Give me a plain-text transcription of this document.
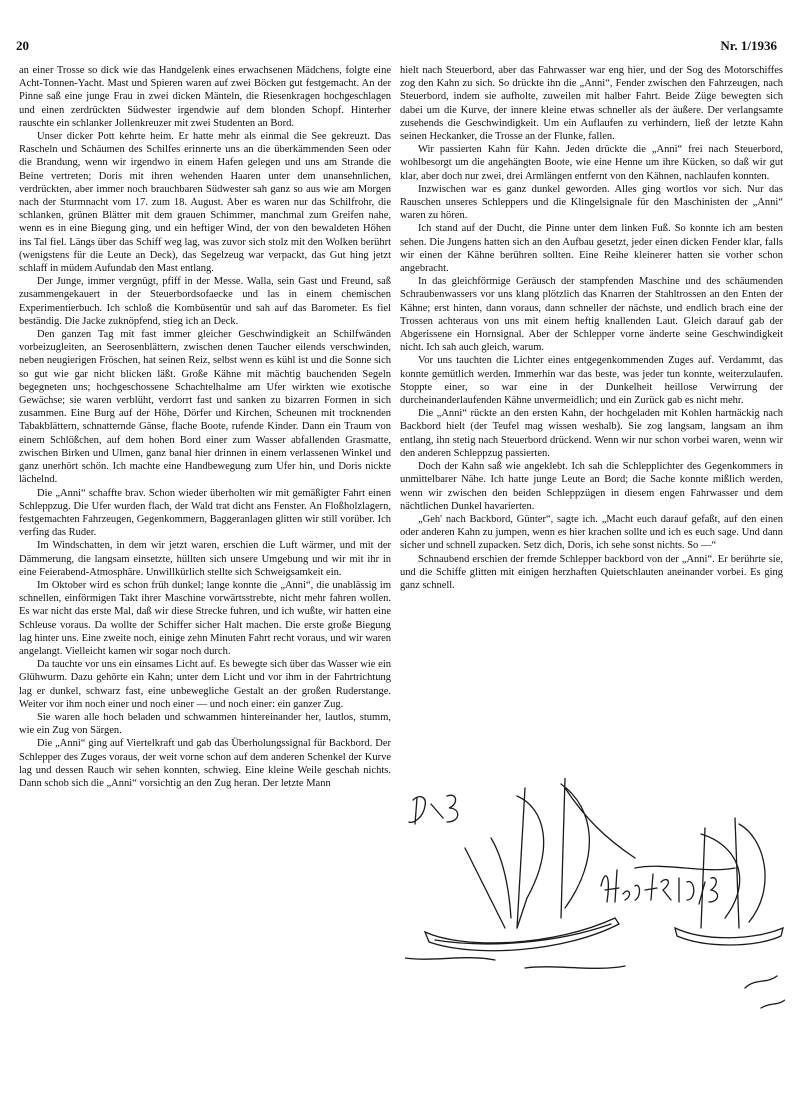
20	Nr. 1/1936

an einer Trosse so dick wie das Handgelenk eines erwachsenen Mädchens, folgte eine Acht-Tonnen-Yacht. Mast und Spieren waren auf zwei Böcken gut festgemacht. An der Pinne saß eine junge Frau in zwei dicken Mänteln, die Riesenkragen hochgeschlagen und einen zerdrückten Südwester irgendwie auf dem blonden Schopf. Hinterher rauschte ein schlanker Jollenkreuzer mit zwei Studenten an Bord.

Unser dicker Pott kehrte heim. Er hatte mehr als einmal die See gekreuzt. Das Rascheln und Schäumen des Schilfes erinnerte uns an die überkämmenden Seen oder die Brandung, wenn wir irgendwo in einem Hafen gelegen und uns am Strande die Beine vertreten; Doris mit ihren wehenden Haaren unter dem unansehnlichen, verdrückten, aber immer noch brauchbaren Südwester sah ganz so aus wie am Morgen nach der Sturmnacht vom 17. zum 18. August. Aber es waren nur das Schilfrohr, die schlanken, grünen Blätter mit dem grauen Schimmer, manchmal zum Greifen nahe, wenn es in eine Biegung ging, und ein heftiger Wind, der von den bewaldeten Höhen ins Tal fiel. Längs über das Schiff weg lag, was zuvor sich stolz mit den Wolken berührt (wenigstens für die Leute an Deck), das Segelzeug war verpackt, das Gut hing jetzt schlaff in müdem Aufundab den Mast entlang.

Der Junge, immer vergnügt, pfiff in der Messe. Walla, sein Gast und Freund, saß zusammengekauert in der Steuerbordsofaecke und las in einem chemischen Experimentierbuch. Ich schloß die Kombüsentür und sah auf das Barometer. Es fiel beständig. Die Jacke zuknöpfend, stieg ich an Deck.

Den ganzen Tag mit fast immer gleicher Geschwindigkeit an Schilfwänden vorbeizugleiten, an Seerosenblättern, zwischen denen Taucher eilends verschwinden, neben neugierigen Fröschen, hat seinen Reiz, selbst wenn es kühl ist und die Sonne sich so gut wie gar nicht blicken läßt. Große Kähne mit mächtig bauchenden Segeln begegneten uns; hochgeschossene Schachtelhalme am Ufer wirkten wie exotische Gewächse; sie waren verblüht, verdorrt fast und sanken zu bizarren Formen in sich zusammen. Eine Burg auf der Höhe, Dörfer und Kirchen, Scheunen mit trocknenden Tabakblättern, schnatternde Gänse, flache Boote, rufende Kinder. Dann ein Traum von einem Schlößchen, auf dem hohen Bord einer zum Wasser abfallenden Grasmatte, zwischen Birken und Ulmen, ganz banal hier drinnen in einem verlassenen Winkel und ganz unerhört schön. Ich machte eine Handbewegung zum Ufer hin, und Doris nickte lächelnd.

Die „Anni“ schaffte brav. Schon wieder überholten wir mit gemäßigter Fahrt einen Schleppzug. Die Ufer wurden flach, der Wald trat dicht ans Fenster. An Floßholzlagern, festgemachten Fahrzeugen, Gegenkommern, Baggeranlagen glitten wir still vorüber. Ich verfing das Ruder.

Im Windschatten, in dem wir jetzt waren, erschien die Luft wärmer, und mit der Dämmerung, die langsam einsetzte, hüllten sich unsere Umgebung und wir mit ihr in eine Feierabend-Atmosphäre. Unwillkürlich stellte sich Schweigsamkeit ein.

Im Oktober wird es schon früh dunkel; lange konnte die „Anni“, die unablässig im schnellen, einförmigen Takt ihrer Maschine vorwärtsstrebte, nicht mehr fahren wollen. Es war nicht das erste Mal, daß wir diese Strecke fuhren, und ich wußte, wir hatten eine Schleuse voraus. Da wollte der Schiffer sicher Halt machen. Die erste große Biegung lag hinter uns. Eine zweite noch, einige zehn Minuten Fahrt recht voraus, und wir waren angelangt. Vielleicht kamen wir sogar noch durch.

Da tauchte vor uns ein einsames Licht auf. Es bewegte sich über das Wasser wie ein Glühwurm. Dazu gehörte ein Kahn; unter dem Licht und vor ihm in der Fahrtrichtung lag er dunkel, schwarz fast, eine unbewegliche Gestalt an der großen Ruderstange. Weiter vor ihm noch einer und noch einer — und noch einer: ein ganzer Zug.

Sie waren alle hoch beladen und schwammen hintereinander her, lautlos, stumm, wie ein Zug von Särgen.

Die „Anni“ ging auf Viertelkraft und gab das Überholungssignal für Backbord. Der Schlepper des Zuges voraus, der weit vorne schon auf dem anderen Schenkel der Kurve lag und dessen Rauch wir sehen konnten, schwieg. Eine kleine Weile geschah nichts. Dann schob sich die „Anni“ vorsichtig an den Zug heran. Der letzte Mann

hielt nach Steuerbord, aber das Fahrwasser war eng hier, und der Sog des Motorschiffes zog den Kahn zu sich. So drückte ihn die „Anni“, Fender zwischen den Fahrzeugen, nach Steuerbord, indem sie aufholte, zuweilen mit halber Fahrt. Beide Züge bewegten sich dabei um die Kurve, der innere kleine etwas schneller als der äußere. Der verlangsamte zusehends die Geschwindigkeit. Um ein Auflaufen zu verhindern, ließ der letzte Kahn seinen Heckanker, die Trosse an der Flunke, fallen.

Wir passierten Kahn für Kahn. Jeden drückte die „Anni“ frei nach Steuerbord, wohlbesorgt um die angehängten Boote, wie eine Henne um ihre Kücken, so daß wir gut klar, aber doch nur zwei, drei Armlängen entfernt von den Kähnen, nachlaufen konnten.

Inzwischen war es ganz dunkel geworden. Alles ging wortlos vor sich. Nur das Rauschen unseres Schleppers und die Klingelsignale für den Maschinisten der „Anni“ waren zu hören.

Ich stand auf der Ducht, die Pinne unter dem linken Fuß. So konnte ich am besten sehen. Die Jungens hatten sich an den Aufbau gesetzt, jeder einen dicken Fender klar, falls wir einen der Kähne berühren sollten. Eine Reihe kleinerer hatten sie vorher schon angebracht.

In das gleichförmige Geräusch der stampfenden Maschine und des schäumenden Schraubenwassers vor uns klang plötzlich das Knarren der Stahltrossen an den Enten der Kähne; erst hinten, dann voraus, dann schneller der nächste, und endlich brach eine der Trossen achteraus von uns mit einem heftig knallenden Laut. Gleich darauf gab der Abgerissene ein Hornsignal. Aber der Schlepper vorne änderte seine Geschwindigkeit nicht. Ich sah auch gleich, warum.

Vor uns tauchten die Lichter eines entgegenkommenden Zuges auf. Verdammt, das konnte gemütlich werden. Immerhin war das beste, was jeder tun konnte, weiterzulaufen. Stoppte einer, so war eine in der Dunkelheit heillose Verwirrung der durcheinanderlaufenden Kähne unvermeidlich; und ein Zurück gab es nicht mehr.

Die „Anni“ rückte an den ersten Kahn, der hochgeladen mit Kohlen hartnäckig nach Backbord hielt (der Teufel mag wissen weshalb). Sie zog langsam, langsam an ihm entlang, ihn stetig nach Steuerbord drückend. Wenn wir nur schon vorbei waren, wenn wir den anderen Schleppzug passierten.

Doch der Kahn saß wie angeklebt. Ich sah die Schlepplichter des Gegenkommers in unmittelbarer Nähe. Ich hatte junge Leute an Bord; die Sache konnte mißlich werden, wenn wir zwischen den beiden Schleppzügen in diesem engen Fahrwasser und dem nächtlichen Dunkel havarierten.

„Geh' nach Backbord, Günter“, sagte ich. „Macht euch darauf gefaßt, auf den einen oder anderen Kahn zu jumpen, wenn es hier krachen sollte und ich es euch sage. Und dann sicher und schnell zupacken. Setz dich, Doris, ich sehe sonst nichts. So —“

Schnaubend erschien der fremde Schlepper backbord von der „Anni“. Er berührte sie, und die Schiffe glitten mit einigen herzhaften Quietschlauten aneinander vorbei. Es ging ganz schnell.
